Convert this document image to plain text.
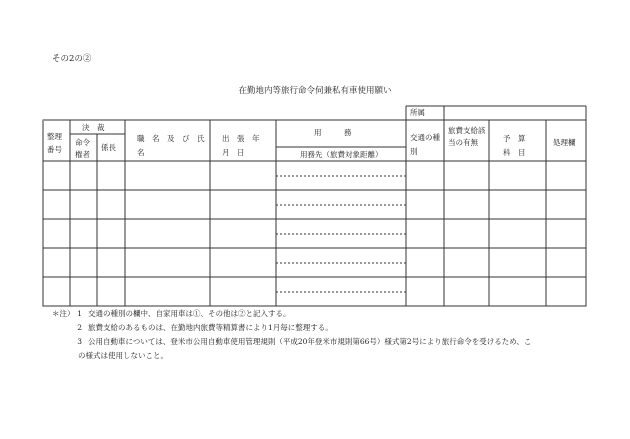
その2の②
在勤地内等旅行命令伺兼私有車使用願い
所属
整理番号
決　裁
命令権者
係長
職　名　及　び　氏　　　名
出　張　年　月　日
用　　　務
用務先（旅費対象距離）
交通の種　別
旅費支給該当の有無	予　算　科　目
処理欄
＊注） 1 交通の種別の欄中、自家用車は①、その他は②と記入する。
2 旅費支給のあるものは、在勤地内旅費等精算書により1月毎に整理する。
3 公用自動車については、登米市公用自動車使用管理規則（平成20年登米市規則第66号）様式第2号により旅行命令を受けるため、こ
の様式は使用しないこと。
